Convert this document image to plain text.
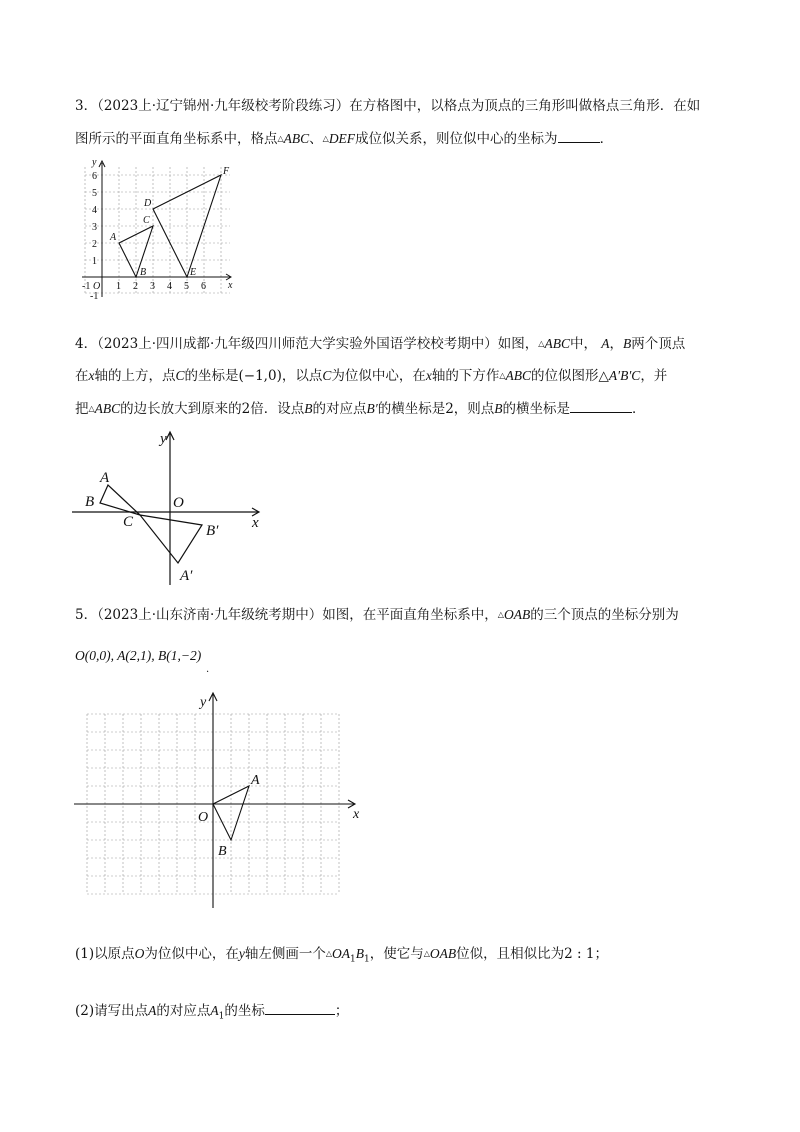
3．（2023上·辽宁锦州·九年级校考阶段练习）在方格图中，以格点为顶点的三角形叫做格点三角形．在如
图所示的平面直角坐标系中，格点△ABC、△DEF成位似关系，则位似中心的坐标为	．
y
x
1
2
3
4
5
6
-1 O 1 2 3 4 5 6
-1
A
B
C
D
E
F
4．（2023上·四川成都·九年级四川师范大学实验外国语学校校考期中）如图，△ABC中， A，B两个顶点
在x轴的上方，点C的坐标是(−1,0)，以点C为位似中心，在x轴的下方作△ABC的位似图形△A′B′C，并
把△ABC的边长放大到原来的2倍．设点B的对应点B′的横坐标是2，则点B的横坐标是	．
y
x
O
A
B
C
A′
B′
5．（2023上·山东济南·九年级统考期中）如图，在平面直角坐标系中，△OAB的三个顶点的坐标分别为
O(0,0), A(2,1), B(1,−2)
.
y
x
O
A
B
(1)以原点O为位似中心，在y轴左侧画一个$\triangle OA_1B_1$，使它与△OAB位似，且相似比为2 : 1；
(2)请写出点A的对应点$A_1$的坐标	；
